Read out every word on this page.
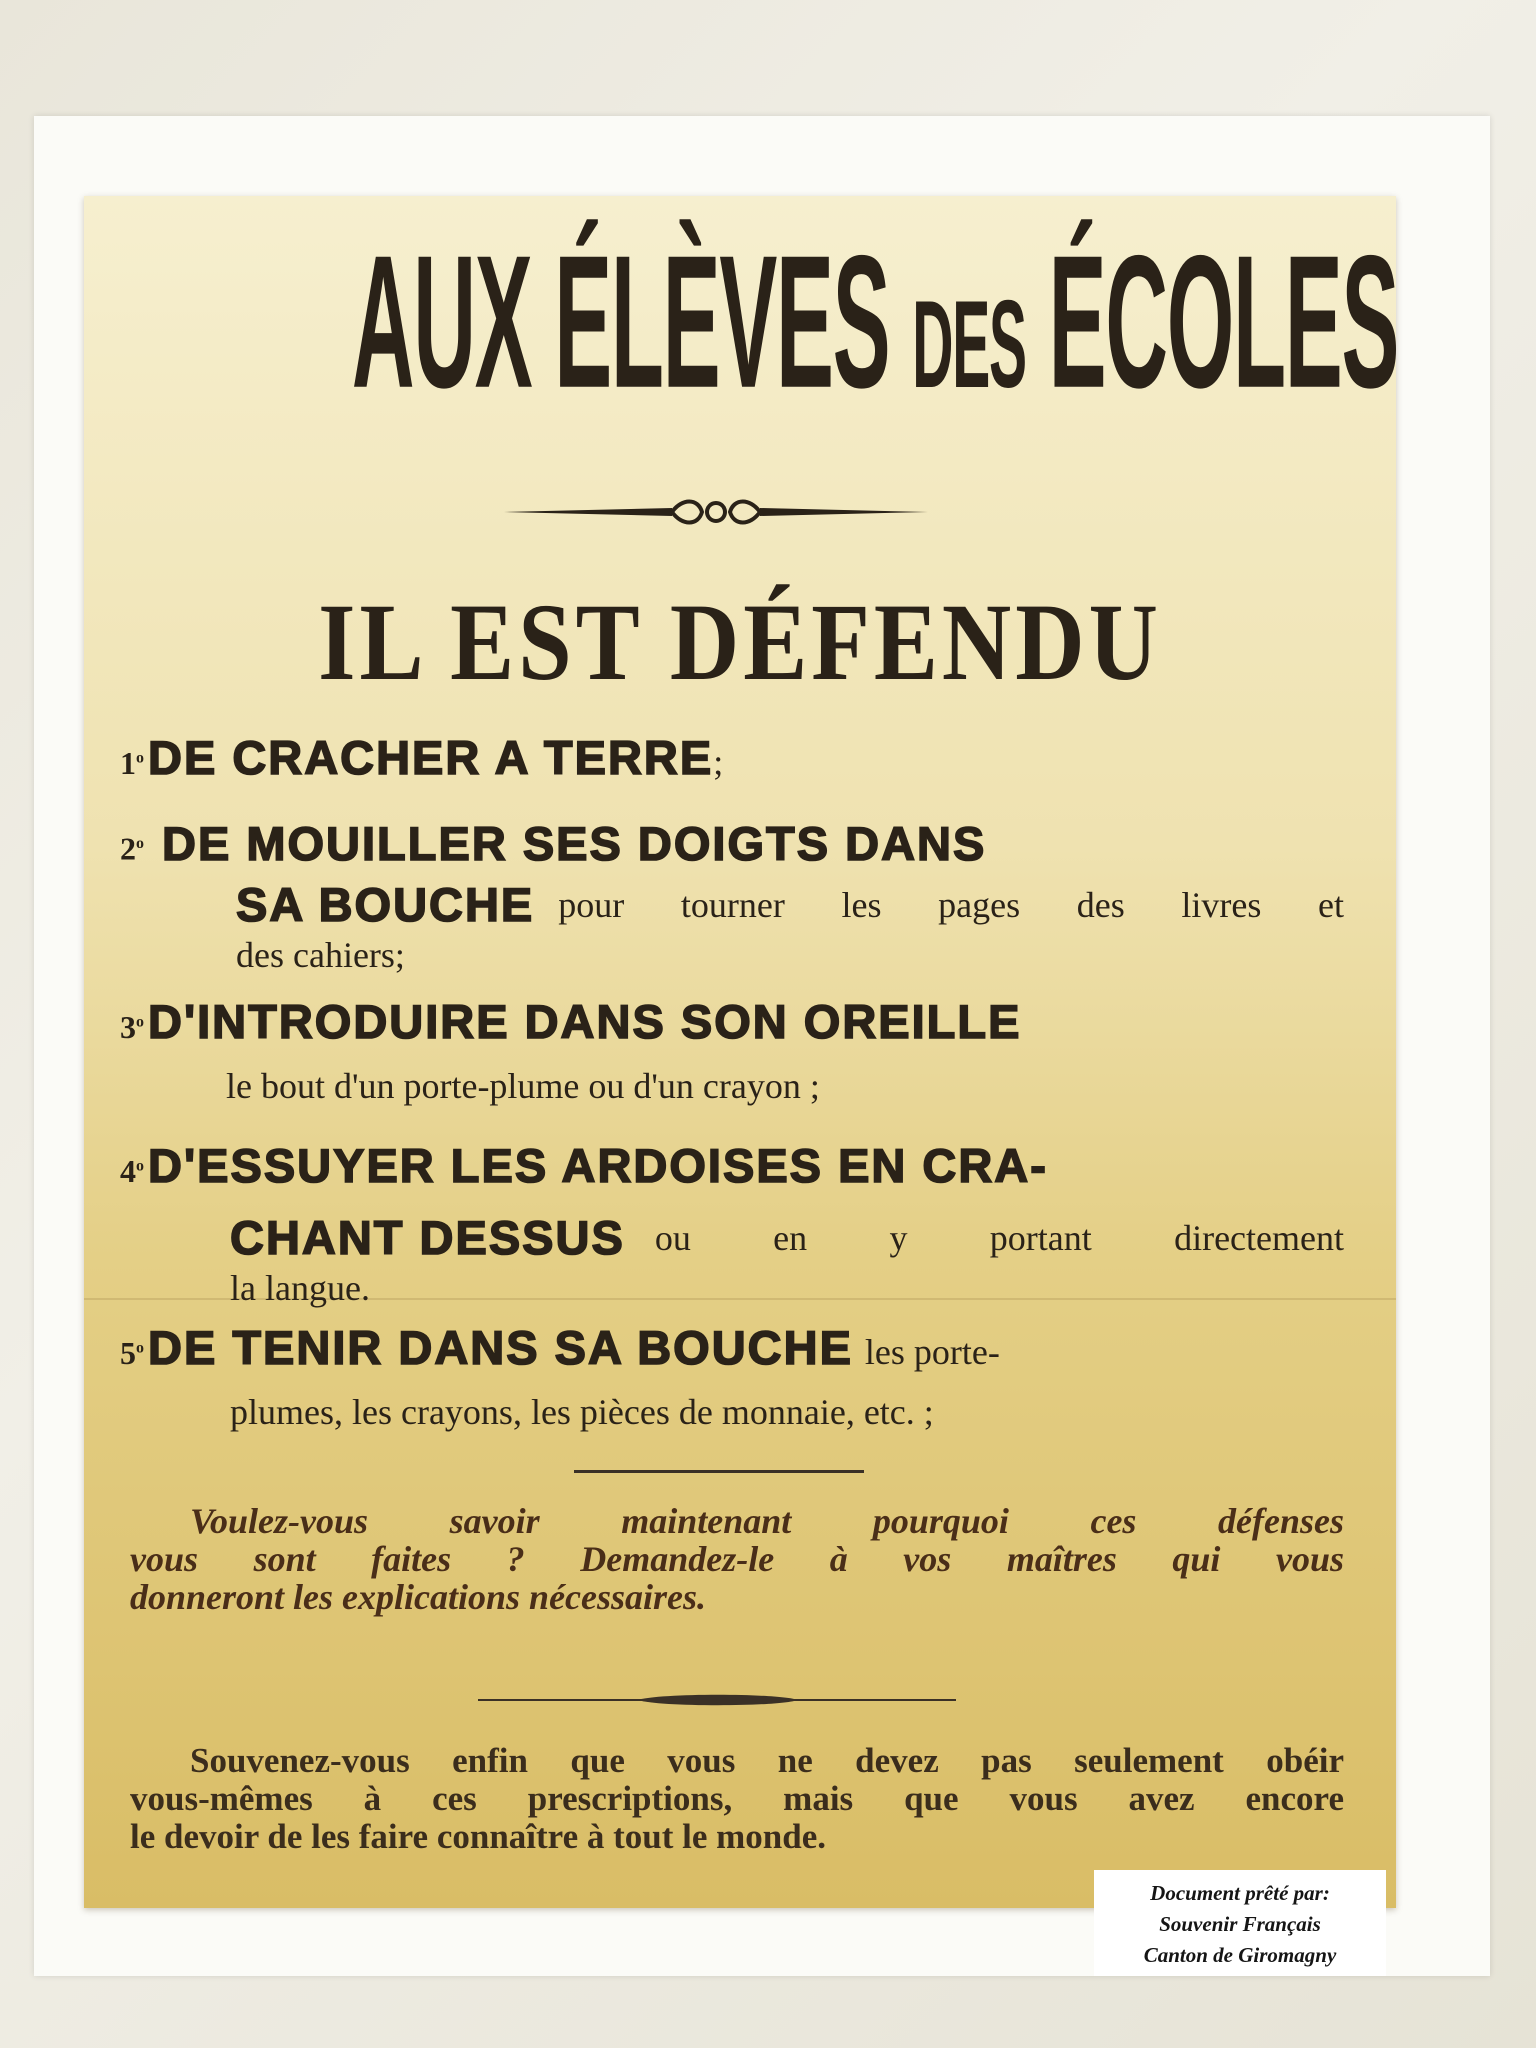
AUX ÉLÈVES DES ÉCOLES
IL EST DÉFENDU
1$^o$ DE CRACHER A TERRE;
2$^o$ DE MOUILLER SES DOIGTS DANS
SA BOUCHE pour tourner les pages des livres et
des cahiers;
3$^o$ D'INTRODUIRE DANS SON OREILLE
le bout d'un porte-plume ou d'un crayon ;
4$^o$ D'ESSUYER LES ARDOISES EN CRA-
CHANT DESSUS ou en y portant directement
la langue.
5$^o$ DE TENIR DANS SA BOUCHE les porte-
plumes, les crayons, les pièces de monnaie, etc. ;
Voulez-vous savoir maintenant pourquoi ces défenses
vous sont faites ? Demandez-le à vos maîtres qui vous
donneront les explications nécessaires.
Souvenez-vous enfin que vous ne devez pas seulement obéir
vous-mêmes à ces prescriptions, mais que vous avez encore
le devoir de les faire connaître à tout le monde.
Document prêté par:
Souvenir Français
Canton de Giromagny
